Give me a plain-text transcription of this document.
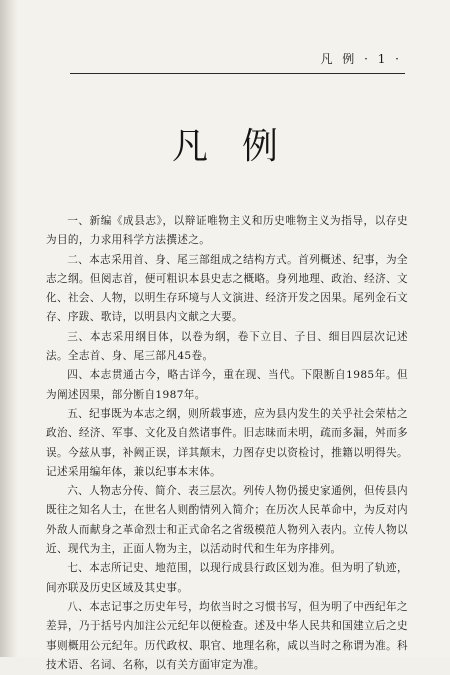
凡 例 · 1 ·
凡例

一、新编《成县志》，以辩证唯物主义和历史唯物主义为指导，以存史为目的，力求用科学方法撰述之。

二、本志采用首、身、尾三部组成之结构方式。首列概述、纪事，为全志之纲。但阅志首，便可粗识本县史志之概略。身列地理、政治、经济、文化、社会、人物，以明生存环境与人文演进、经济开发之因果。尾列金石文存、序跋、歌诗，以明县内文献之大要。

三、本志采用纲目体，以卷为纲，卷下立目、子目、细目四层次记述法。全志首、身、尾三部凡45卷。

四、本志贯通古今，略古详今，重在现、当代。下限断自1985年。但为阐述因果，部分断自1987年。

五、纪事既为本志之纲，则所载事迹，应为县内发生的关乎社会荣枯之政治、经济、军事、文化及自然诸事件。旧志昧而未明，疏而多漏，舛而多误。今兹从事，补阙正误，详其颠末，力图存史以资检讨，推籍以明得失。记述采用编年体，兼以纪事本末体。

六、人物志分传、简介、表三层次。列传人物仍援史家通例，但传县内既往之知名人士，在世名人则酌情列入简介；在历次人民革命中，为反对内外敌人而献身之革命烈士和正式命名之省级模范人物列入表内。立传人物以近、现代为主，正面人物为主，以活动时代和生年为序排列。

七、本志所记史、地范围，以现行成县行政区划为准。但为明了轨迹，间亦联及历史区域及其史事。

八、本志记事之历史年号，均依当时之习惯书写，但为明了中西纪年之差异，乃于括号内加注公元纪年以便检查。述及中华人民共和国建立后之史事则概用公元纪年。历代政权、职官、地理名称，咸以当时之称谓为准。科技术语、名词、名称，以有关方面审定为准。
